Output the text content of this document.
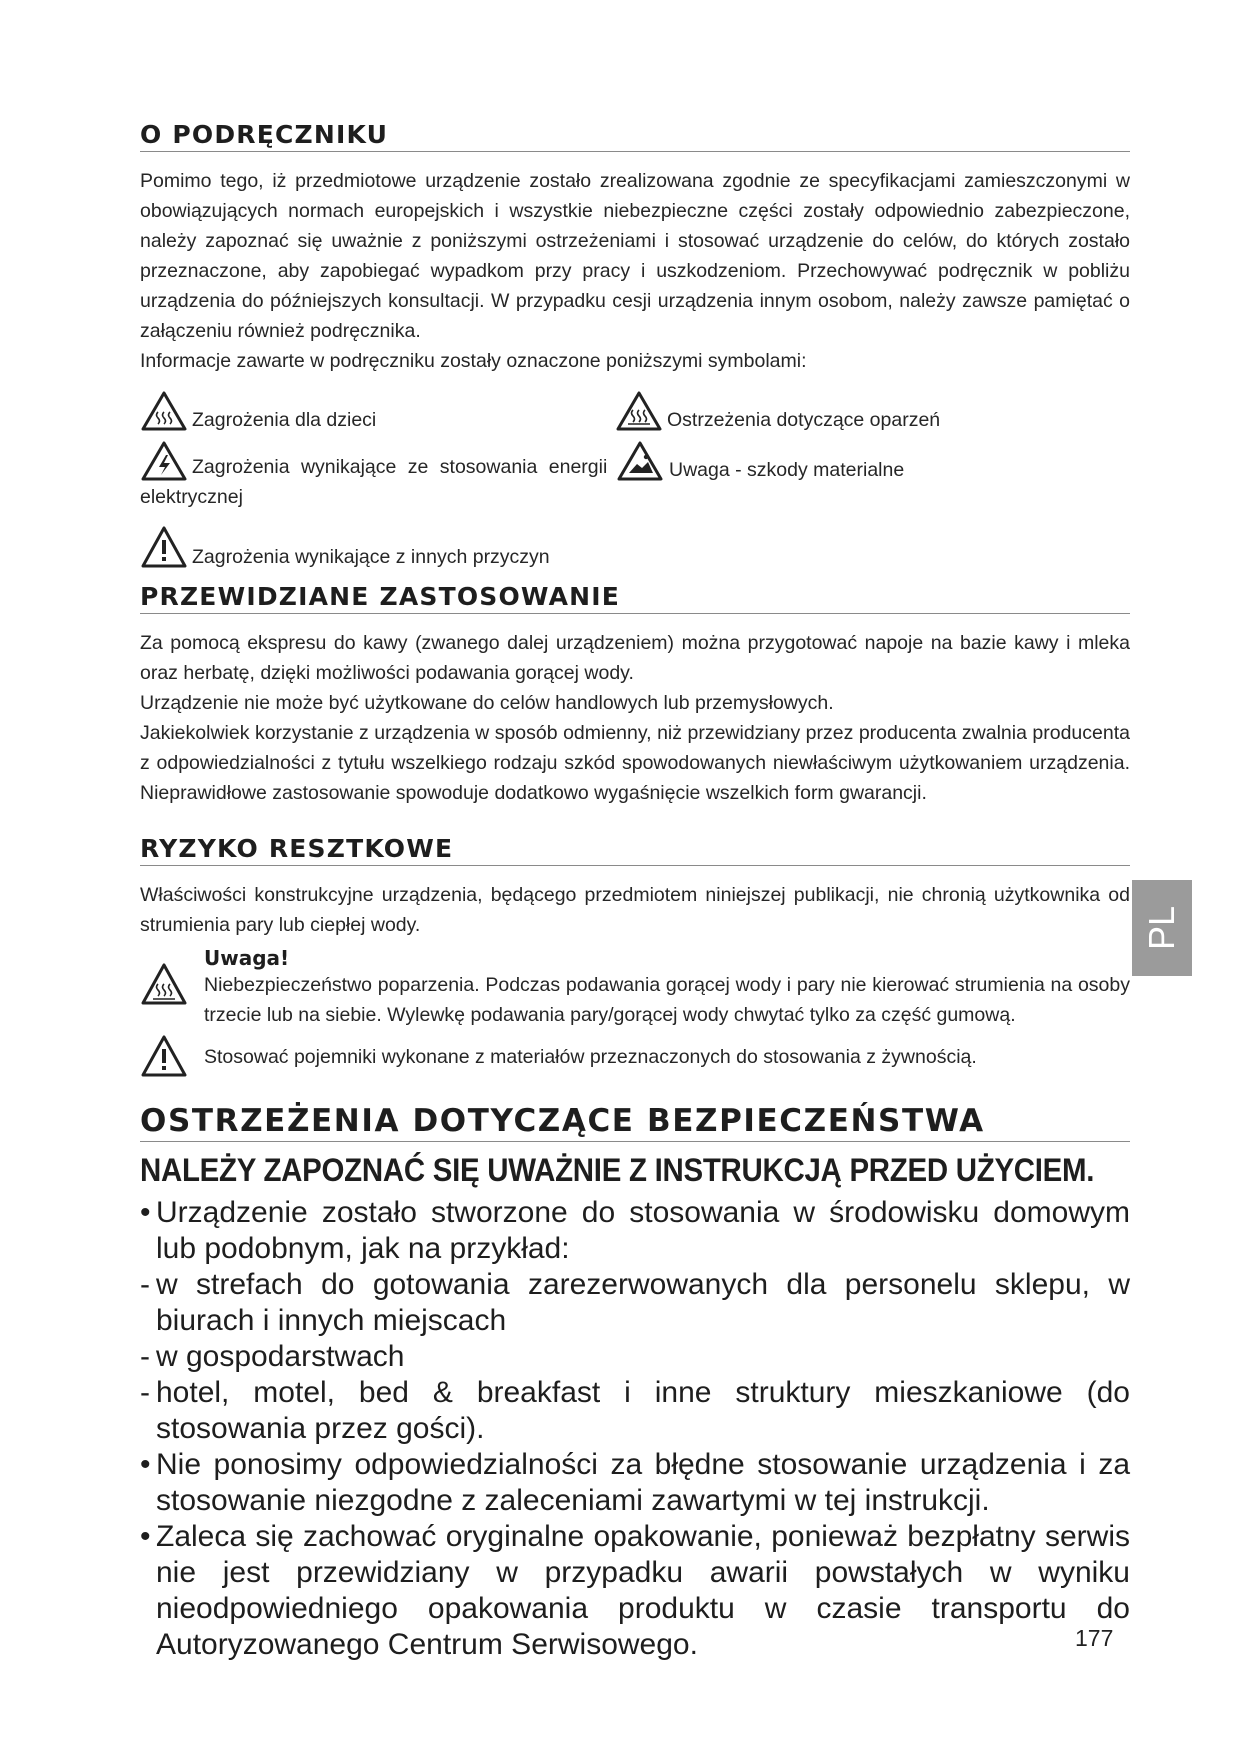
O PODRĘCZNIKU

Pomimo tego, iż przedmiotowe urządzenie zostało zrealizowana zgodnie ze specyfikacjami zamieszczonymi w obowiązujących normach europejskich i wszystkie niebezpieczne części zostały odpowiednio zabezpieczone, należy zapoznać się uważnie z poniższymi ostrzeżeniami i stosować urządzenie do celów, do których zostało przeznaczone, aby zapobiegać wypadkom przy pracy i uszkodzeniom. Przechowywać podręcznik w pobliżu urządzenia do późniejszych konsultacji. W przypadku cesji urządzenia innym osobom, należy zawsze pamiętać o załączeniu również podręcznika.

Informacje zawarte w podręczniku zostały oznaczone poniższymi symbolami:

Zagrożenia dla dzieci	Ostrzeżenia dotyczące oparzeń
Zagrożenia wynikające ze stosowania energii
elektrycznej
Uwaga - szkody materialne
Zagrożenia wynikające z innych przyczyn
PRZEWIDZIANE ZASTOSOWANIE

Za pomocą ekspresu do kawy (zwanego dalej urządzeniem) można przygotować napoje na bazie kawy i mleka oraz herbatę, dzięki możliwości podawania gorącej wody.

Urządzenie nie może być użytkowane do celów handlowych lub przemysłowych.

Jakiekolwiek korzystanie z urządzenia w sposób odmienny, niż przewidziany przez producenta zwalnia producenta z odpowiedzialności z tytułu wszelkiego rodzaju szkód spowodowanych niewłaściwym użytkowaniem urządzenia. Nieprawidłowe zastosowanie spowoduje dodatkowo wygaśnięcie wszelkich form gwarancji.

RYZYKO RESZTKOWE

Właściwości konstrukcyjne urządzenia, będącego przedmiotem niniejszej publikacji, nie chronią użytkownika od strumienia pary lub ciepłej wody.

Uwaga!

Niebezpieczeństwo poparzenia. Podczas podawania gorącej wody i pary nie kierować strumienia na osoby trzecie lub na siebie. Wylewkę podawania pary/gorącej wody chwytać tylko za część gumową.

Stosować pojemniki wykonane z materiałów przeznaczonych do stosowania z żywnością.

OSTRZEŻENIA DOTYCZĄCE BEZPIECZEŃSTWA
NALEŻY ZAPOZNAĆ SIĘ UWAŻNIE Z INSTRUKCJĄ PRZED UŻYCIEM.
• Urządzenie zostało stworzone do stosowania w środowisku domowym lub podobnym, jak na przykład:
- w strefach do gotowania zarezerwowanych dla personelu sklepu, w biurach i innych miejscach
- w gospodarstwach
- hotel, motel, bed & breakfast i inne struktury mieszkaniowe (do stosowania przez gości).
• Nie ponosimy odpowiedzialności za błędne stosowanie urządzenia i za stosowanie niezgodne z zaleceniami zawartymi w tej instrukcji.
• Zaleca się zachować oryginalne opakowanie, ponieważ bezpłatny serwis nie jest przewidziany w przypadku awarii powstałych w wyniku nieodpowiedniego opakowania produktu w czasie transportu do Autoryzowanego Centrum Serwisowego.
PL
177
